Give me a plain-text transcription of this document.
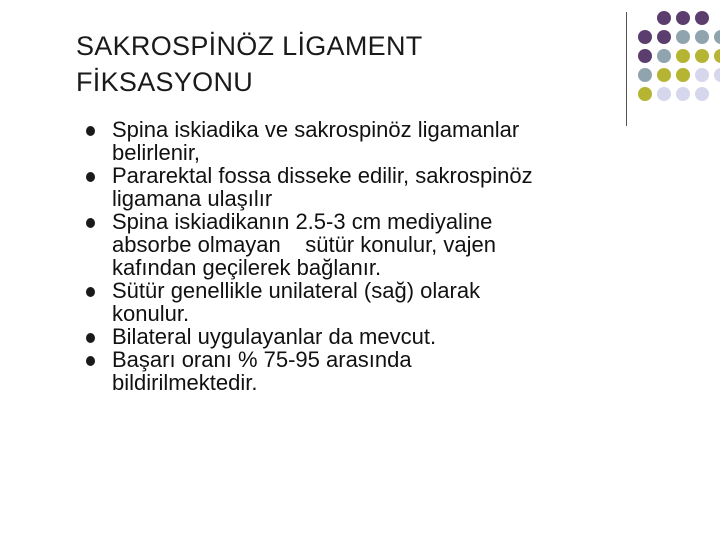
SAKROSPİNÖZ LİGAMENT
FİKSASYONU
Spina iskiadika ve sakrospinöz ligamanlar
belirlenir,
Pararektal fossa disseke edilir, sakrospinöz
ligamana ulaşılır
Spina iskiadikanın 2.5-3 cm mediyaline
absorbe olmayan    sütür konulur, vajen
kafından geçilerek bağlanır.
Sütür genellikle unilateral (sağ) olarak
konulur.
Bilateral uygulayanlar da mevcut.
Başarı oranı % 75-95 arasında
bildirilmektedir.
